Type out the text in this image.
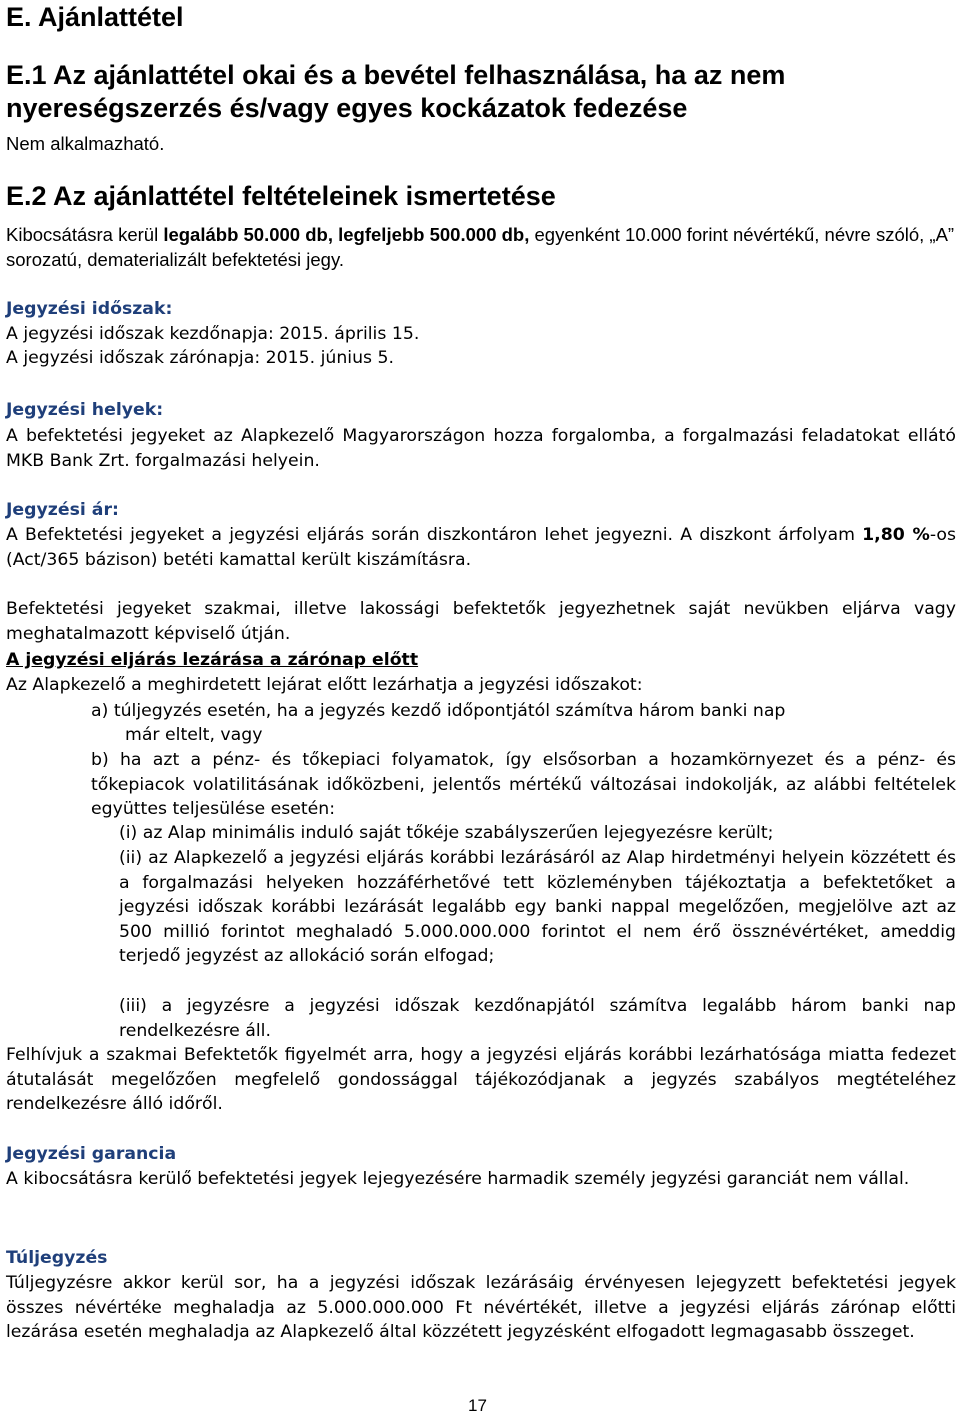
E. Ajánlattétel
E.1 Az ajánlattétel okai és a bevétel felhasználása, ha az nem nyereségszerzés és/vagy egyes kockázatok fedezése
Nem alkalmazható.
E.2 Az ajánlattétel feltételeinek ismertetése
Kibocsátásra kerül legalább 50.000 db, legfeljebb 500.000 db, egyenként 10.000 forint névértékű, névre szóló, „A” sorozatú, dematerializált befektetési jegy.
Jegyzési időszak:
A jegyzési időszak kezdőnapja: 2015. április 15.
A jegyzési időszak zárónapja: 2015. június 5.
Jegyzési helyek:
A befektetési jegyeket az Alapkezelő Magyarországon hozza forgalomba, a forgalmazási feladatokat ellátó MKB Bank Zrt. forgalmazási helyein.
Jegyzési ár:
A Befektetési jegyeket a jegyzési eljárás során diszkontáron lehet jegyezni. A diszkont árfolyam 1,80 %-os (Act/365 bázison) betéti kamattal került kiszámításra.
Befektetési jegyeket szakmai, illetve lakossági befektetők jegyezhetnek saját nevükben eljárva vagy meghatalmazott képviselő útján.
A jegyzési eljárás lezárása a zárónap előtt
Az Alapkezelő a meghirdetett lejárat előtt lezárhatja a jegyzési időszakot:
a) túljegyzés esetén, ha a jegyzés kezdő időpontjától számítva három banki nap
már eltelt, vagy
b) ha azt a pénz- és tőkepiaci folyamatok, így elsősorban a hozamkörnyezet és a pénz- és tőkepiacok volatilitásának időközbeni, jelentős mértékű változásai indokolják, az alábbi feltételek együttes teljesülése esetén:
(i) az Alap minimális induló saját tőkéje szabályszerűen lejegyezésre került;
(ii) az Alapkezelő a jegyzési eljárás korábbi lezárásáról az Alap hirdetményi helyein közzétett és a forgalmazási helyeken hozzáférhetővé tett közleményben tájékoztatja a befektetőket a jegyzési időszak korábbi lezárását legalább egy banki nappal megelőzően, megjelölve azt az 500 millió forintot meghaladó 5.000.000.000 forintot el nem érő össznévértéket, ameddig terjedő jegyzést az allokáció során elfogad;
(iii) a jegyzésre a jegyzési időszak kezdőnapjától számítva legalább három banki nap rendelkezésre áll.
Felhívjuk a szakmai Befektetők figyelmét arra, hogy a jegyzési eljárás korábbi lezárhatósága miatta fedezet átutalását megelőzően megfelelő gondossággal tájékozódjanak a jegyzés szabályos megtételéhez rendelkezésre álló időről.
Jegyzési garancia
A kibocsátásra kerülő befektetési jegyek lejegyezésére harmadik személy jegyzési garanciát nem vállal.
Túljegyzés
Túljegyzésre akkor kerül sor, ha a jegyzési időszak lezárásáig érvényesen lejegyzett befektetési jegyek összes névértéke meghaladja az 5.000.000.000 Ft névértékét, illetve a jegyzési eljárás zárónap előtti lezárása esetén meghaladja az Alapkezelő által közzétett jegyzésként elfogadott legmagasabb összeget.
17
